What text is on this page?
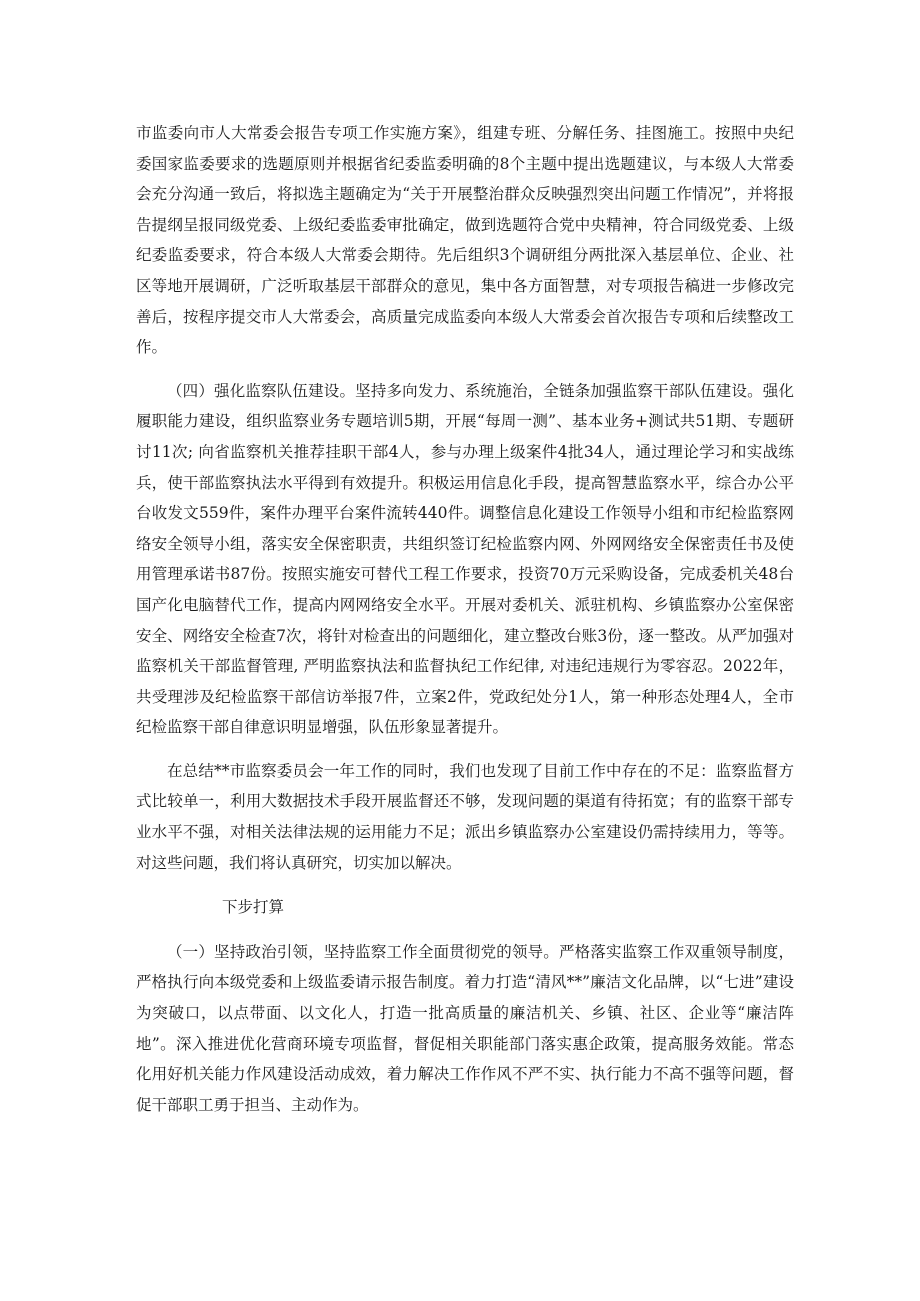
市监委向市人大常委会报告专项工作实施方案》，组建专班、分解任务、挂图施工。按照中央纪委国家监委要求的选题原则并根据省纪委监委明确的8个主题中提出选题建议，与本级人大常委会充分沟通一致后，将拟选主题确定为“关于开展整治群众反映强烈突出问题工作情况”，并将报告提纲呈报同级党委、上级纪委监委审批确定，做到选题符合党中央精神，符合同级党委、上级纪委监委要求，符合本级人大常委会期待。先后组织3个调研组分两批深入基层单位、企业、社区等地开展调研，广泛听取基层干部群众的意见，集中各方面智慧，对专项报告稿进一步修改完善后，按程序提交市人大常委会，高质量完成监委向本级人大常委会首次报告专项和后续整改工作。

（四）强化监察队伍建设。坚持多向发力、系统施治，全链条加强监察干部队伍建设。强化履职能力建设，组织监察业务专题培训5期，开展“每周一测”、基本业务+测试共51期、专题研讨11次; 向省监察机关推荐挂职干部4人，参与办理上级案件4批34人，通过理论学习和实战练兵，使干部监察执法水平得到有效提升。积极运用信息化手段，提高智慧监察水平，综合办公平台收发文559件，案件办理平台案件流转440件。调整信息化建设工作领导小组和市纪检监察网络安全领导小组，落实安全保密职责，共组织签订纪检监察内网、外网网络安全保密责任书及使用管理承诺书87份。按照实施安可替代工程工作要求，投资70万元采购设备，完成委机关48台国产化电脑替代工作，提高内网网络安全水平。开展对委机关、派驻机构、乡镇监察办公室保密安全、网络安全检查7次，将针对检查出的问题细化，建立整改台账3份，逐一整改。从严加强对监察机关干部监督管理, 严明监察执法和监督执纪工作纪律, 对违纪违规行为零容忍。2022年，共受理涉及纪检监察干部信访举报7件，立案2件，党政纪处分1人，第一种形态处理4人，全市纪检监察干部自律意识明显增强，队伍形象显著提升。

在总结**市监察委员会一年工作的同时，我们也发现了目前工作中存在的不足：监察监督方式比较单一，利用大数据技术手段开展监督还不够，发现问题的渠道有待拓宽；有的监察干部专业水平不强，对相关法律法规的运用能力不足；派出乡镇监察办公室建设仍需持续用力，等等。对这些问题，我们将认真研究，切实加以解决。

下步打算

（一）坚持政治引领，坚持监察工作全面贯彻党的领导。严格落实监察工作双重领导制度，严格执行向本级党委和上级监委请示报告制度。着力打造“清风**”廉洁文化品牌，以“七进”建设为突破口，以点带面、以文化人，打造一批高质量的廉洁机关、乡镇、社区、企业等“廉洁阵地”。深入推进优化营商环境专项监督，督促相关职能部门落实惠企政策，提高服务效能。常态化用好机关能力作风建设活动成效，着力解决工作作风不严不实、执行能力不高不强等问题，督促干部职工勇于担当、主动作为。
